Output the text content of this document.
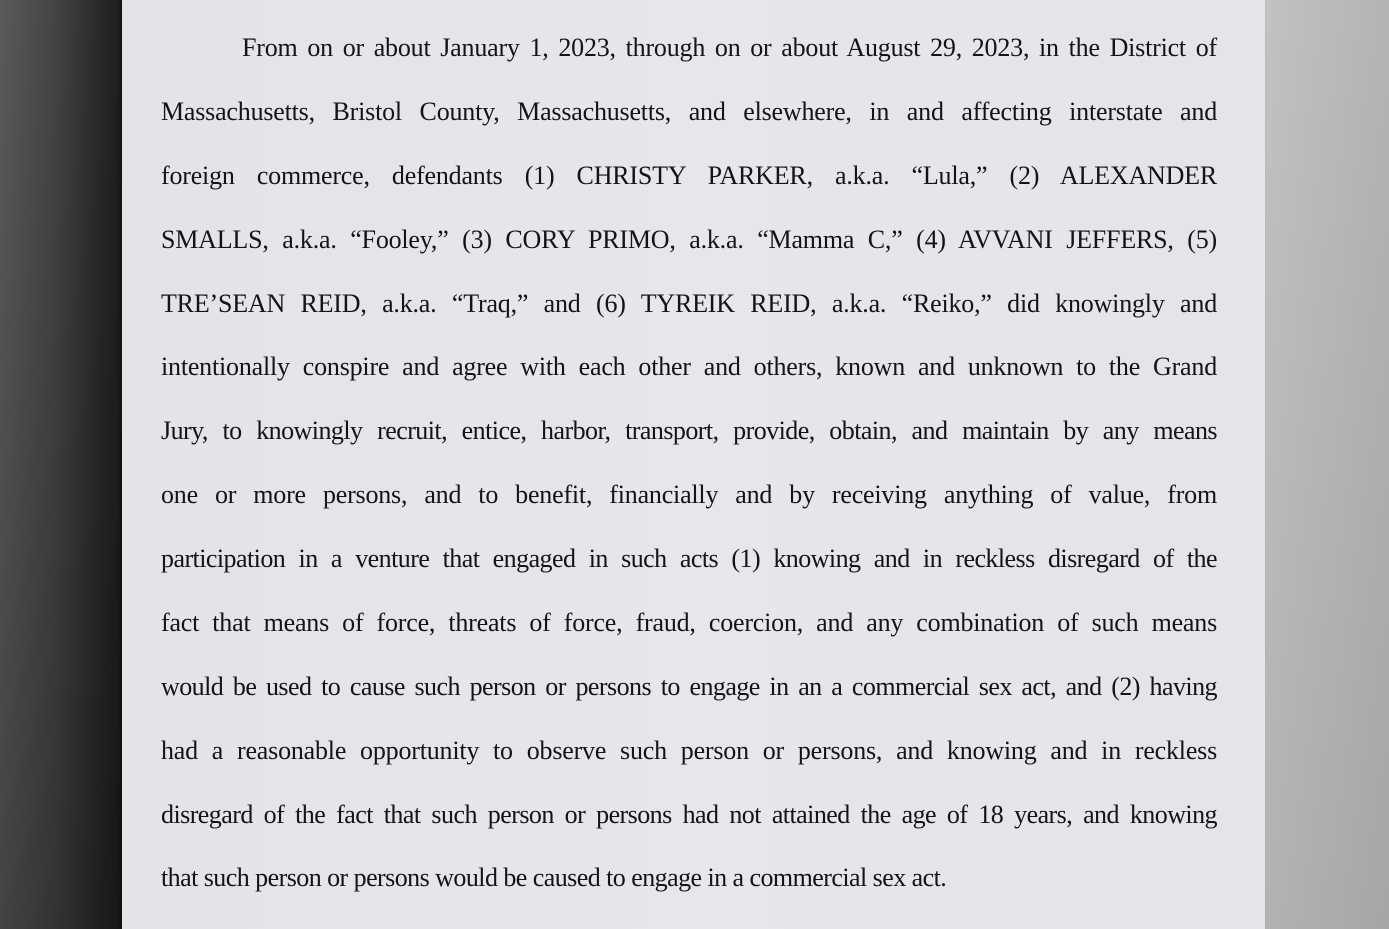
From on or about January 1, 2023, through on or about August 29, 2023, in the District of
Massachusetts, Bristol County, Massachusetts, and elsewhere, in and affecting interstate and
foreign commerce, defendants (1) CHRISTY PARKER, a.k.a. “Lula,” (2) ALEXANDER
SMALLS, a.k.a. “Fooley,” (3) CORY PRIMO, a.k.a. “Mamma C,” (4) AVVANI JEFFERS, (5)
TRE’SEAN REID, a.k.a. “Traq,” and (6) TYREIK REID, a.k.a. “Reiko,” did knowingly and
intentionally conspire and agree with each other and others, known and unknown to the Grand
Jury, to knowingly recruit, entice, harbor, transport, provide, obtain, and maintain by any means
one or more persons, and to benefit, financially and by receiving anything of value, from
participation in a venture that engaged in such acts (1) knowing and in reckless disregard of the
fact that means of force, threats of force, fraud, coercion, and any combination of such means
would be used to cause such person or persons to engage in an a commercial sex act, and (2) having
had a reasonable opportunity to observe such person or persons, and knowing and in reckless
disregard of the fact that such person or persons had not attained the age of 18 years, and knowing
that such person or persons would be caused to engage in a commercial sex act.
